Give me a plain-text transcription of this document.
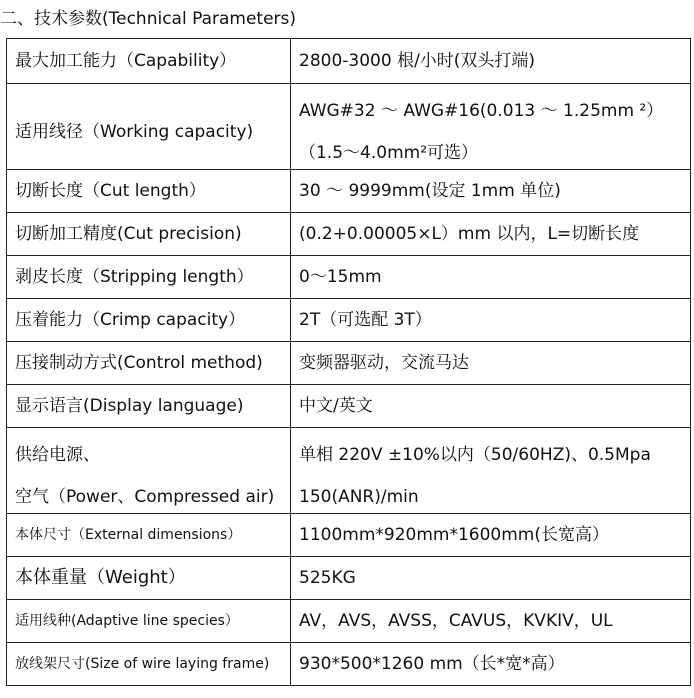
二、技术参数(Technical Parameters)
最大加工能力（Capability）	2800-3000 根/小时(双头打端)
适用线径（Working capacity)	AWG#32 ～ AWG#16(0.013 ～ 1.25mm ²）
（1.5～4.0mm²可选）

切断长度（Cut length）	30 ～ 9999mm(设定 1mm 单位)
切断加工精度(Cut precision)	(0.2+0.00005×L）mm 以内，L=切断长度
剥皮长度（Stripping length）	0～15mm
压着能力（Crimp capacity）	2T（可选配 3T）
压接制动方式(Control method)	变频器驱动，交流马达
显示语言(Display language)	中文/英文

供给电源、
空气（Power、Compressed air)	单相 220V ±10%以内（50/60HZ)、0.5Mpa
150(ANR)/min

本体尺寸（External dimensions）	1100mm*920mm*1600mm(长宽高）
本体重量（Weight）	525KG
适用线种(Adaptive line species）	AV，AVS，AVSS，CAVUS，KVKIV，UL
放线架尺寸(Size of wire laying frame)	930*500*1260 mm（长*宽*高）
